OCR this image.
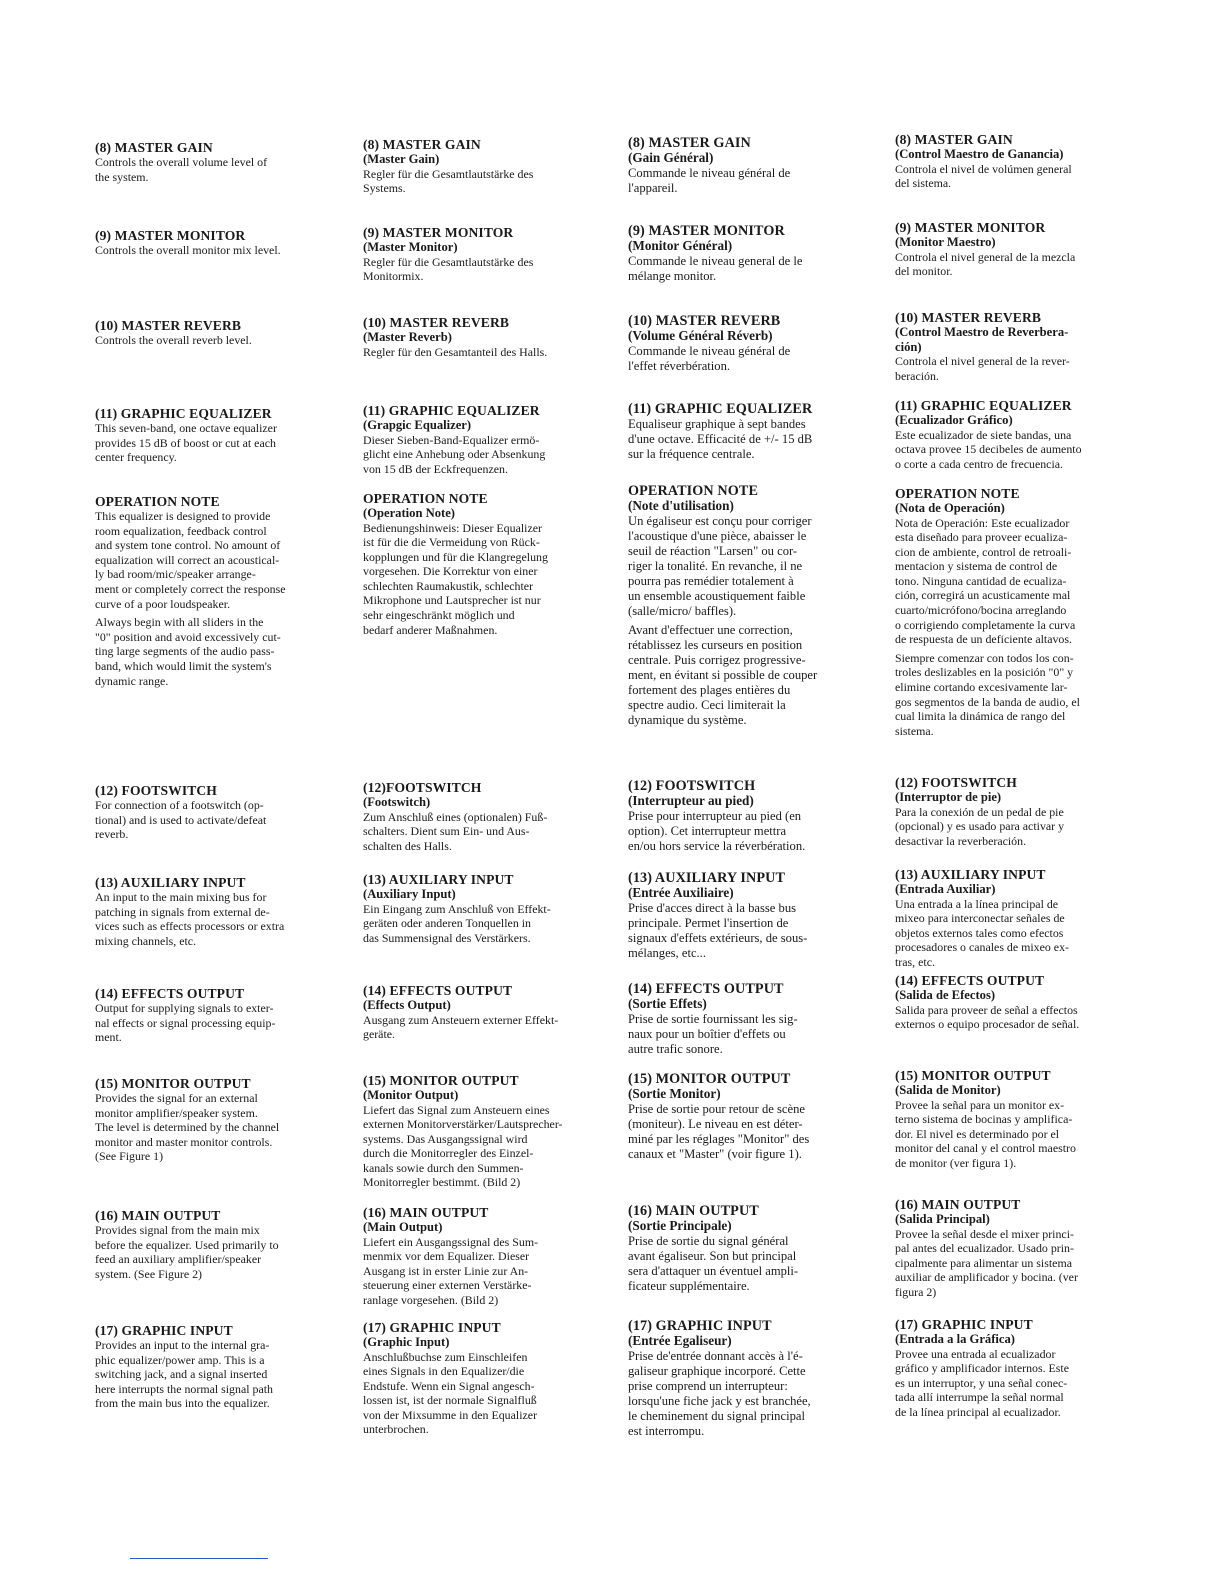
(8) MASTER GAIN

Controls the overall volume level of
the system.

(9) MASTER MONITOR

Controls the overall monitor mix level.

(10) MASTER REVERB

Controls the overall reverb level.

(11) GRAPHIC EQUALIZER

This seven-band, one octave equalizer
provides 15 dB of boost or cut at each
center frequency.

OPERATION NOTE

This equalizer is designed to provide
room equalization, feedback control
and system tone control. No amount of
equalization will correct an acoustical-
ly bad room/mic/speaker arrange-
ment or completely correct the response
curve of a poor loudspeaker.

Always begin with all sliders in the
"0" position and avoid excessively cut-
ting large segments of the audio pass-
band, which would limit the system's
dynamic range.

(12) FOOTSWITCH

For connection of a footswitch (op-
tional) and is used to activate/defeat
reverb.

(13) AUXILIARY INPUT

An input to the main mixing bus for
patching in signals from external de-
vices such as effects processors or extra
mixing channels, etc.

(14) EFFECTS OUTPUT

Output for supplying signals to exter-
nal effects or signal processing equip-
ment.

(15) MONITOR OUTPUT

Provides the signal for an external
monitor amplifier/speaker system.
The level is determined by the channel
monitor and master monitor controls.
(See Figure 1)

(16) MAIN OUTPUT

Provides signal from the main mix
before the equalizer. Used primarily to
feed an auxiliary amplifier/speaker
system. (See Figure 2)

(17) GRAPHIC INPUT

Provides an input to the internal gra-
phic equalizer/power amp. This is a
switching jack, and a signal inserted
here interrupts the normal signal path
from the main bus into the equalizer.

(8) MASTER GAIN
(Master Gain)

Regler für die Gesamtlautstärke des
Systems.

(9) MASTER MONITOR
(Master Monitor)

Regler für die Gesamtlautstärke des
Monitormix.

(10) MASTER REVERB
(Master Reverb)

Regler für den Gesamtanteil des Halls.

(11) GRAPHIC EQUALIZER
(Grapgic Equalizer)

Dieser Sieben-Band-Equalizer ermö-
glicht eine Anhebung oder Absenkung
von 15 dB der Eckfrequenzen.

OPERATION NOTE
(Operation Note)

Bedienungshinweis: Dieser Equalizer
ist für die die Vermeidung von Rück-
kopplungen und für die Klangregelung
vorgesehen. Die Korrektur von einer
schlechten Raumakustik, schlechter
Mikrophone und Lautsprecher ist nur
sehr eingeschränkt möglich und
bedarf anderer Maßnahmen.

(12)FOOTSWITCH
(Footswitch)

Zum Anschluß eines (optionalen) Fuß-
schalters. Dient sum Ein- und Aus-
schalten des Halls.

(13) AUXILIARY INPUT
(Auxiliary Input)

Ein Eingang zum Anschluß von Effekt-
geräten oder anderen Tonquellen in
das Summensignal des Verstärkers.

(14) EFFECTS OUTPUT
(Effects Output)

Ausgang zum Ansteuern externer Effekt-
geräte.

(15) MONITOR OUTPUT
(Monitor Output)

Liefert das Signal zum Ansteuern eines
externen Monitorverstärker/Lautsprecher-
systems. Das Ausgangssignal wird
durch die Monitorregler des Einzel-
kanals sowie durch den Summen-
Monitorregler bestimmt. (Bild 2)

(16) MAIN OUTPUT
(Main Output)

Liefert ein Ausgangssignal des Sum-
menmix vor dem Equalizer. Dieser
Ausgang ist in erster Linie zur An-
steuerung einer externen Verstärke-
ranlage vorgesehen. (Bild 2)

(17) GRAPHIC INPUT
(Graphic Input)

Anschlußbuchse zum Einschleifen
eines Signals in den Equalizer/die
Endstufe. Wenn ein Signal angesch-
lossen ist, ist der normale Signalfluß
von der Mixsumme in den Equalizer
unterbrochen.

(8) MASTER GAIN
(Gain Général)

Commande le niveau général de
l'appareil.

(9) MASTER MONITOR
(Monitor Général)

Commande le niveau general de le
mélange monitor.

(10) MASTER REVERB
(Volume Général Réverb)

Commande le niveau général de
l'effet réverbération.

(11) GRAPHIC EQUALIZER

Equaliseur graphique à sept bandes
d'une octave. Efficacité de +/- 15 dB
sur la fréquence centrale.

OPERATION NOTE
(Note d'utilisation)

Un égaliseur est conçu pour corriger
l'acoustique d'une pièce, abaisser le
seuil de réaction "Larsen" ou cor-
riger la tonalité. En revanche, il ne
pourra pas remédier totalement à
un ensemble acoustiquement faible
(salle/micro/ baffles).

Avant d'effectuer une correction,
rétablissez les curseurs en position
centrale. Puis corrigez progressive-
ment, en évitant si possible de couper
fortement des plages entières du
spectre audio. Ceci limiterait la
dynamique du système.

(12) FOOTSWITCH
(Interrupteur au pied)

Prise pour interrupteur au pied (en
option). Cet interrupteur mettra
en/ou hors service la réverbération.

(13) AUXILIARY INPUT
(Entrée Auxiliaire)

Prise d'acces direct à la basse bus
principale. Permet l'insertion de
signaux d'effets extérieurs, de sous-
mélanges, etc...

(14) EFFECTS OUTPUT
(Sortie Effets)

Prise de sortie fournissant les sig-
naux pour un boîtier d'effets ou
autre trafic sonore.

(15) MONITOR OUTPUT
(Sortie Monitor)

Prise de sortie pour retour de scène
(moniteur). Le niveau en est déter-
miné par les réglages "Monitor" des
canaux et "Master" (voir figure 1).

(16) MAIN OUTPUT
(Sortie Principale)

Prise de sortie du signal général
avant égaliseur. Son but principal
sera d'attaquer un éventuel ampli-
ficateur supplémentaire.

(17) GRAPHIC INPUT
(Entrée Egaliseur)

Prise de'entrée donnant accès à l'é-
galiseur graphique incorporé. Cette
prise comprend un interrupteur:
lorsqu'une fiche jack y est branchée,
le cheminement du signal principal
est interrompu.

(8) MASTER GAIN
(Control Maestro de Ganancia)

Controla el nivel de volúmen general
del sistema.

(9) MASTER MONITOR
(Monitor Maestro)

Controla el nivel general de la mezcla
del monitor.

(10) MASTER REVERB
(Control Maestro de Reverbera-
ción)

Controla el nivel general de la rever-
beración.

(11) GRAPHIC EQUALIZER
(Ecualizador Gráfico)

Este ecualizador de siete bandas, una
octava provee 15 decibeles de aumento
o corte a cada centro de frecuencia.

OPERATION NOTE
(Nota de Operación)

Nota de Operación: Este ecualizador
esta diseñado para proveer ecualiza-
cion de ambiente, control de retroali-
mentacion y sistema de control de
tono. Ninguna cantidad de ecualiza-
ción, corregirá un acusticamente mal
cuarto/micrófono/bocina arreglando
o corrigiendo completamente la curva
de respuesta de un deficiente altavos.

Siempre comenzar con todos los con-
troles deslizables en la posición "0" y
elimine cortando excesivamente lar-
gos segmentos de la banda de audio, el
cual limita la dinámica de rango del
sistema.

(12) FOOTSWITCH
(Interruptor de pie)

Para la conexión de un pedal de pie
(opcional) y es usado para activar y
desactivar la reverberación.

(13) AUXILIARY INPUT
(Entrada Auxiliar)

Una entrada a la línea principal de
mixeo para interconectar señales de
objetos externos tales como efectos
procesadores o canales de mixeo ex-
tras, etc.

(14) EFFECTS OUTPUT
(Salida de Efectos)

Salida para proveer de señal a effectos
externos o equipo procesador de señal.

(15) MONITOR OUTPUT
(Salida de Monitor)

Provee la señal para un monitor ex-
terno sistema de bocinas y amplifica-
dor. El nivel es determinado por el
monitor del canal y el control maestro
de monitor (ver figura 1).

(16) MAIN OUTPUT
(Salida Principal)

Provee la señal desde el mixer princi-
pal antes del ecualizador. Usado prin-
cipalmente para alimentar un sistema
auxiliar de amplificador y bocina. (ver
figura 2)

(17) GRAPHIC INPUT
(Entrada a la Gráfica)

Provee una entrada al ecualizador
gráfico y amplificador internos. Este
es un interruptor, y una señal conec-
tada allí interrumpe la señal normal
de la línea principal al ecualizador.
